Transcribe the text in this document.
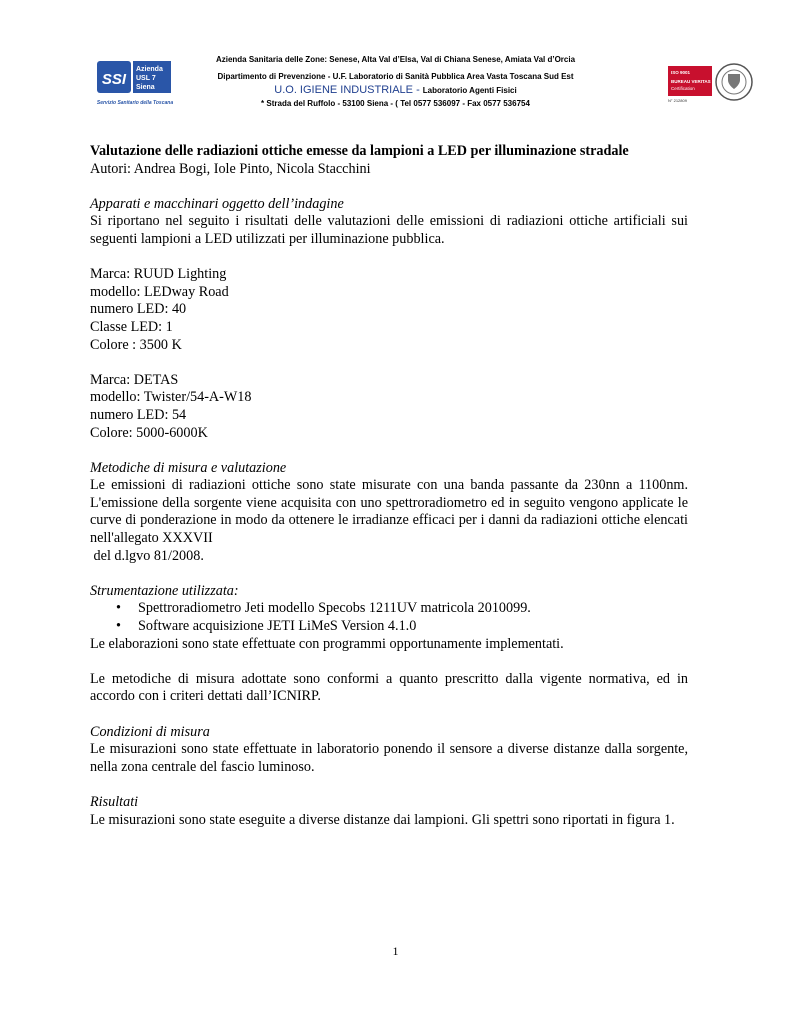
SSI
Azienda
USL 7
Siena
Servizio Sanitario della Toscana
Azienda Sanitaria delle Zone: Senese, Alta Val d’Elsa, Val di Chiana Senese, Amiata Val d’Orcia
Dipartimento di Prevenzione - U.F. Laboratorio di Sanità Pubblica Area Vasta Toscana Sud Est
U.O. IGIENE INDUSTRIALE - Laboratorio Agenti Fisici
* Strada del Ruffolo - 53100 Siena - ( Tel 0577 536097 - Fax 0577 536754
ISO 9001
BUREAU VERITAS
Certification
N° 212809

Valutazione delle radiazioni ottiche emesse da lampioni a LED per illuminazione stradale

Autori: Andrea Bogi, Iole Pinto, Nicola Stacchini

Apparati e macchinari oggetto dell’indagine

Si riportano nel seguito i risultati delle valutazioni delle emissioni di radiazioni ottiche artificiali sui seguenti lampioni a LED utilizzati per illuminazione pubblica.

Marca: RUUD Lighting

modello: LEDway Road

numero LED: 40

Classe LED: 1

Colore : 3500 K

Marca: DETAS

modello: Twister/54-A-W18

numero LED: 54

Colore: 5000-6000K

Metodiche di misura e valutazione

Le emissioni di radiazioni ottiche sono state misurate con una banda passante da 230nn a 1100nm. L'emissione della sorgente viene acquisita con uno spettroradiometro ed in seguito vengono applicate le curve di ponderazione in modo da ottenere le irradianze efficaci per i danni da radiazioni ottiche elencati nell'allegato XXXVII

del d.lgvo 81/2008.

Strumentazione utilizzata:

• Spettroradiometro Jeti modello Specobs 1211UV matricola 2010099.
• Software acquisizione JETI LiMeS Version 4.1.0

Le elaborazioni sono state effettuate con programmi opportunamente implementati.

Le metodiche di misura adottate sono conformi a quanto prescritto dalla vigente normativa, ed in accordo con i criteri dettati dall’ICNIRP.

Condizioni di misura

Le misurazioni sono state effettuate in laboratorio ponendo il sensore a diverse distanze dalla sorgente, nella zona centrale del fascio luminoso.

Risultati

Le misurazioni sono state eseguite a diverse distanze dai lampioni. Gli spettri sono riportati in figura 1.

1
